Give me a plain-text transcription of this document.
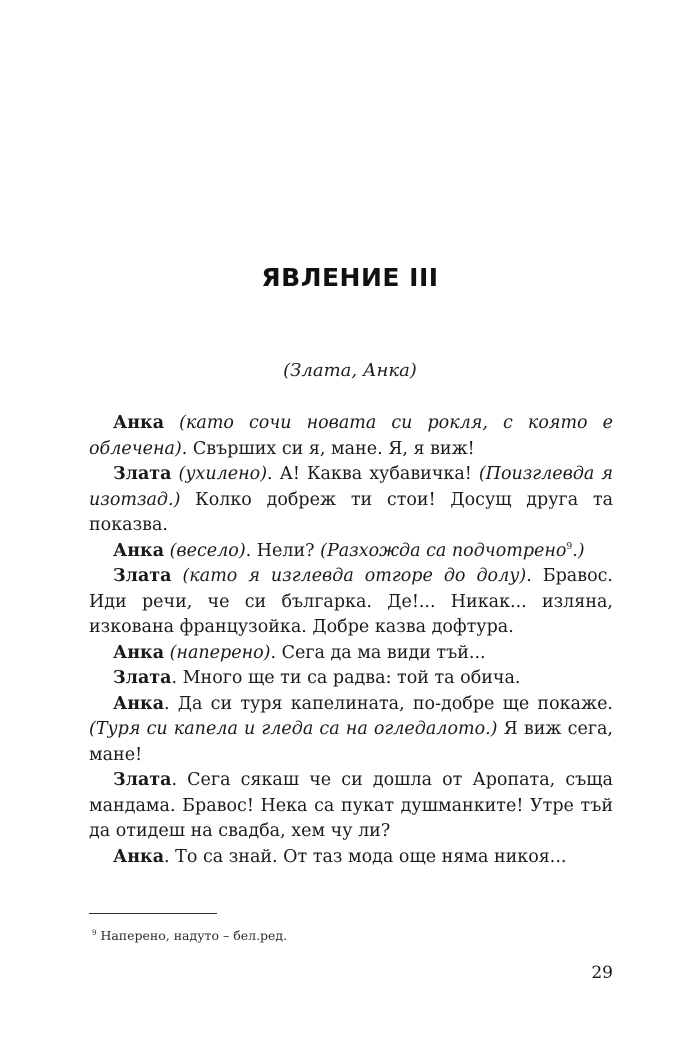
ЯВЛЕНИЕ III
(Злата, Анка)

Анка (като сочи новата си рокля, с която е облечена). Свърших си я, мане. Я, я виж!

Злата (ухилено). А! Каква хубавичка! (Поизглевда я изотзад.) Колко добреж ти стои! Досущ друга та показва.

Анка (весело). Нели? (Разхожда са подчотрено$^9$.)

Злата (като я изглевда отгоре до долу). Бравос. Иди речи, че си българка. Де!... Никак... изляна, изкована французойка. Добре казва дофтура.

Анка (наперено). Сега да ма види тъй...

Злата. Много ще ти са радва: той та обича.

Анка. Да си туря капелината, по-добре ще покаже. (Туря си капела и гледа са на огледалото.) Я виж сега, мане!

Злата. Сега сякаш че си дошла от Аропата, съща мандама. Бравос! Нека са пукат душманките! Утре тъй да отидеш на свадба, хем чу ли?

Анка. То са знай. От таз мода още няма никоя...

$^9$ Наперено, надуто – бел.ред.
29
